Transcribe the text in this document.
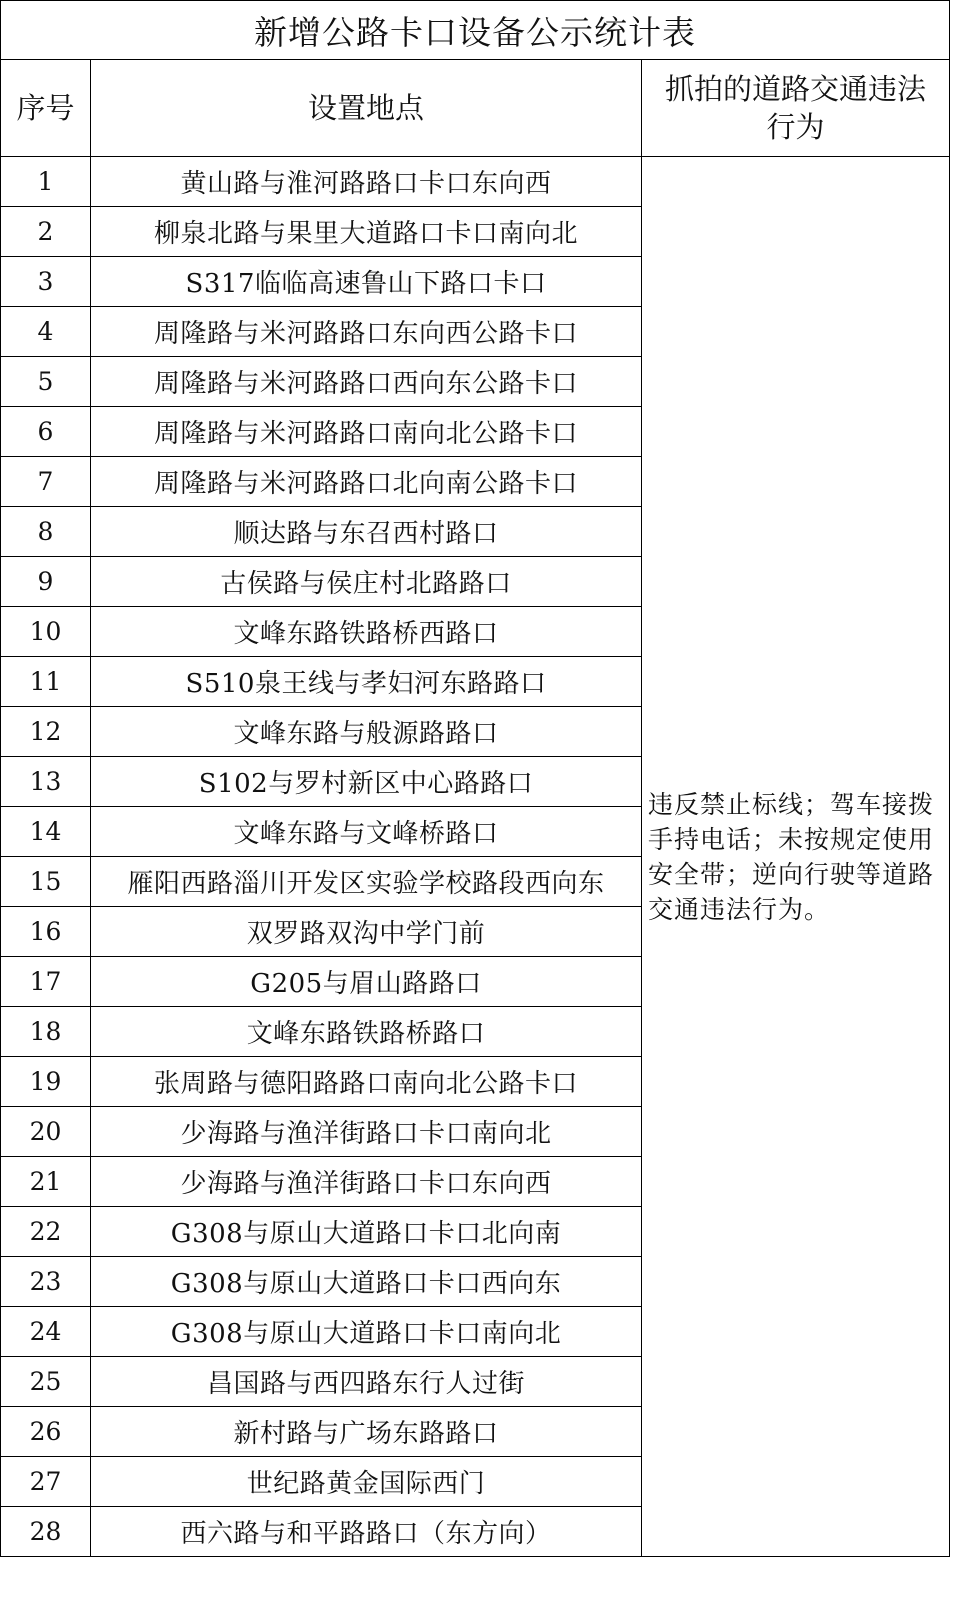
新增公路卡口设备公示统计表		
序号	设置地点	抓拍的道路交通违法行为
1	黄山路与淮河路路口卡口东向西	违反禁止标线；驾车接拨手持电话；未按规定使用安全带；逆向行驶等道路交通违法行为。
2	柳泉北路与果里大道路口卡口南向北	
3	S317临临高速鲁山下路口卡口	
4	周隆路与米河路路口东向西公路卡口	
5	周隆路与米河路路口西向东公路卡口	
6	周隆路与米河路路口南向北公路卡口	
7	周隆路与米河路路口北向南公路卡口	
8	顺达路与东召西村路口	
9	古侯路与侯庄村北路路口	
10	文峰东路铁路桥西路口	
11	S510泉王线与孝妇河东路路口	
12	文峰东路与般源路路口	
13	S102与罗村新区中心路路口	
14	文峰东路与文峰桥路口	
15	雁阳西路淄川开发区实验学校路段西向东	
16	双罗路双沟中学门前	
17	G205与眉山路路口	
18	文峰东路铁路桥路口	
19	张周路与德阳路路口南向北公路卡口	
20	少海路与渔洋街路口卡口南向北	
21	少海路与渔洋街路口卡口东向西	
22	G308与原山大道路口卡口北向南	
23	G308与原山大道路口卡口西向东	
24	G308与原山大道路口卡口南向北	
25	昌国路与西四路东行人过街	
26	新村路与广场东路路口	
27	世纪路黄金国际西门	
28	西六路与和平路路口（东方向）	
